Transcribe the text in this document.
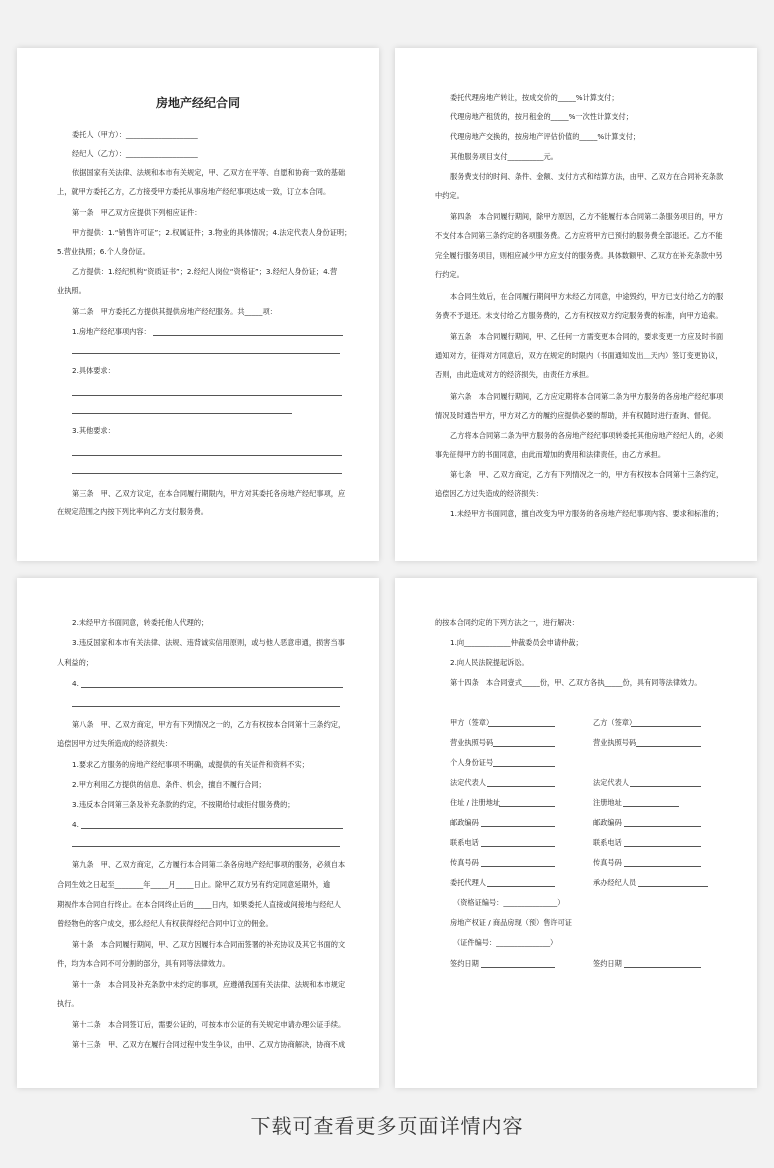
房地产经纪合同
委托人（甲方）：____________________
经纪人（乙方）：____________________
依据国家有关法律、法规和本市有关规定，甲、乙双方在平等、自愿和协商一致的基础
上，就甲方委托乙方，乙方接受甲方委托从事房地产经纪事项达成一致，订立本合同。
第一条　甲乙双方应提供下列相应证件：
甲方提供：1.“销售许可证”；2.权属证件；3.物业的具体情况；4.法定代表人身份证明；
5.营业执照；6.个人身份证。
乙方提供：1.经纪机构“资质证书”；2.经纪人岗位“资格证”；3.经纪人身份证；4.营
业执照。
第二条　甲方委托乙方提供其提供房地产经纪服务。共_____项：
1.房地产经纪事项内容：
2.具体要求：
3.其他要求：
第三条　甲、乙双方议定，在本合同履行期限内，甲方对其委托各房地产经纪事项，应
在规定范围之内按下列比率向乙方支付服务费。
委托代理房地产转让，按成交价的_____%计算支付；
代理房地产租赁的，按月租金的_____%一次性计算支付；
代理房地产交换的，按房地产评估价值的_____%计算支付；
其他服务项目支付__________元。
服务费支付的时间、条件、金额、支付方式和结算方法，由甲、乙双方在合同补充条款
中约定。
第四条　本合同履行期间，除甲方原因，乙方不能履行本合同第二条服务项目的，甲方
不支付本合同第三条约定的各项服务费。乙方应将甲方已预付的服务费全部退还。乙方不能
完全履行服务项目，则相应减少甲方应支付的服务费。具体数额甲、乙双方在补充条款中另
行约定。
本合同生效后，在合同履行期间甲方未经乙方同意，中途毁约，甲方已支付给乙方的服
务费不予退还。未支付给乙方服务费的，乙方有权按双方约定服务费的标准，向甲方追索。
第五条　本合同履行期间，甲、乙任何一方需变更本合同的，要求变更一方应及时书面
通知对方，征得对方同意后，双方在规定的时限内（书面通知发出＿天内）签订变更协议，
否则，由此造成对方的经济损失，由责任方承担。
第六条　本合同履行期间，乙方应定期将本合同第二条为甲方服务的各房地产经纪事项
情况及时通告甲方，甲方对乙方的履约应提供必要的帮助，并有权随时进行查询、督促。
乙方将本合同第二条为甲方服务的各房地产经纪事项转委托其他房地产经纪人的，必须
事先征得甲方的书面同意，由此而增加的费用和法律责任，由乙方承担。
第七条　甲、乙双方商定，乙方有下列情况之一的，甲方有权按本合同第十三条约定，
追偿因乙方过失造成的经济损失：
1.未经甲方书面同意，擅自改变为甲方服务的各房地产经纪事项内容、要求和标准的；
2.未经甲方书面同意，转委托他人代理的；
3.违反国家和本市有关法律、法规、违背诚实信用原则，或与他人恶意串通，损害当事
人利益的；
4.
第八条　甲、乙双方商定，甲方有下列情况之一的，乙方有权按本合同第十三条约定，
追偿因甲方过失所造成的经济损失：
1.要求乙方服务的房地产经纪事项不明确，或提供的有关证件和资料不实；
2.甲方利用乙方提供的信息、条件、机会，擅自不履行合同；
3.违反本合同第三条及补充条款的约定，不按期给付或拒付服务费的；
4.
第九条　甲、乙双方商定，乙方履行本合同第二条各房地产经纪事项的服务，必须自本
合同生效之日起至________年_____月_____日止。除甲乙双方另有约定同意延期外，逾
期视作本合同自行终止。在本合同终止后的_____日内，如果委托人直接或间接地与经纪人
曾经物色的客户成交，那么经纪人有权获得经纪合同中订立的佣金。
第十条　本合同履行期间，甲、乙双方因履行本合同而签署的补充协议及其它书面的文
件，均为本合同不可分割的部分，具有同等法律效力。
第十一条　本合同及补充条款中未约定的事项，应遵循我国有关法律、法规和本市规定
执行。
第十二条　本合同签订后，需要公证的，可按本市公证的有关规定申请办理公证手续。
第十三条　甲、乙双方在履行合同过程中发生争议，由甲、乙双方协商解决，协商不成
的按本合同约定的下列方法之一，进行解决：
1.向_____________仲裁委员会申请仲裁；
2.向人民法院提起诉讼。
第十四条　本合同壹式_____份，甲、乙双方各执_____份，具有同等法律效力。
甲方（签章）
营业执照号码
个人身份证号
法定代表人
住址 / 注册地址
邮政编码
联系电话
传真号码
委托代理人
乙方（签章）
营业执照号码
法定代表人
注册地址
邮政编码
联系电话
传真号码
承办经纪人员
（资格证编号：_______________）
房地产权证 / 商品房现（预）售许可证
（证件编号：_______________）
签约日期	签约日期
下载可查看更多页面详情内容
